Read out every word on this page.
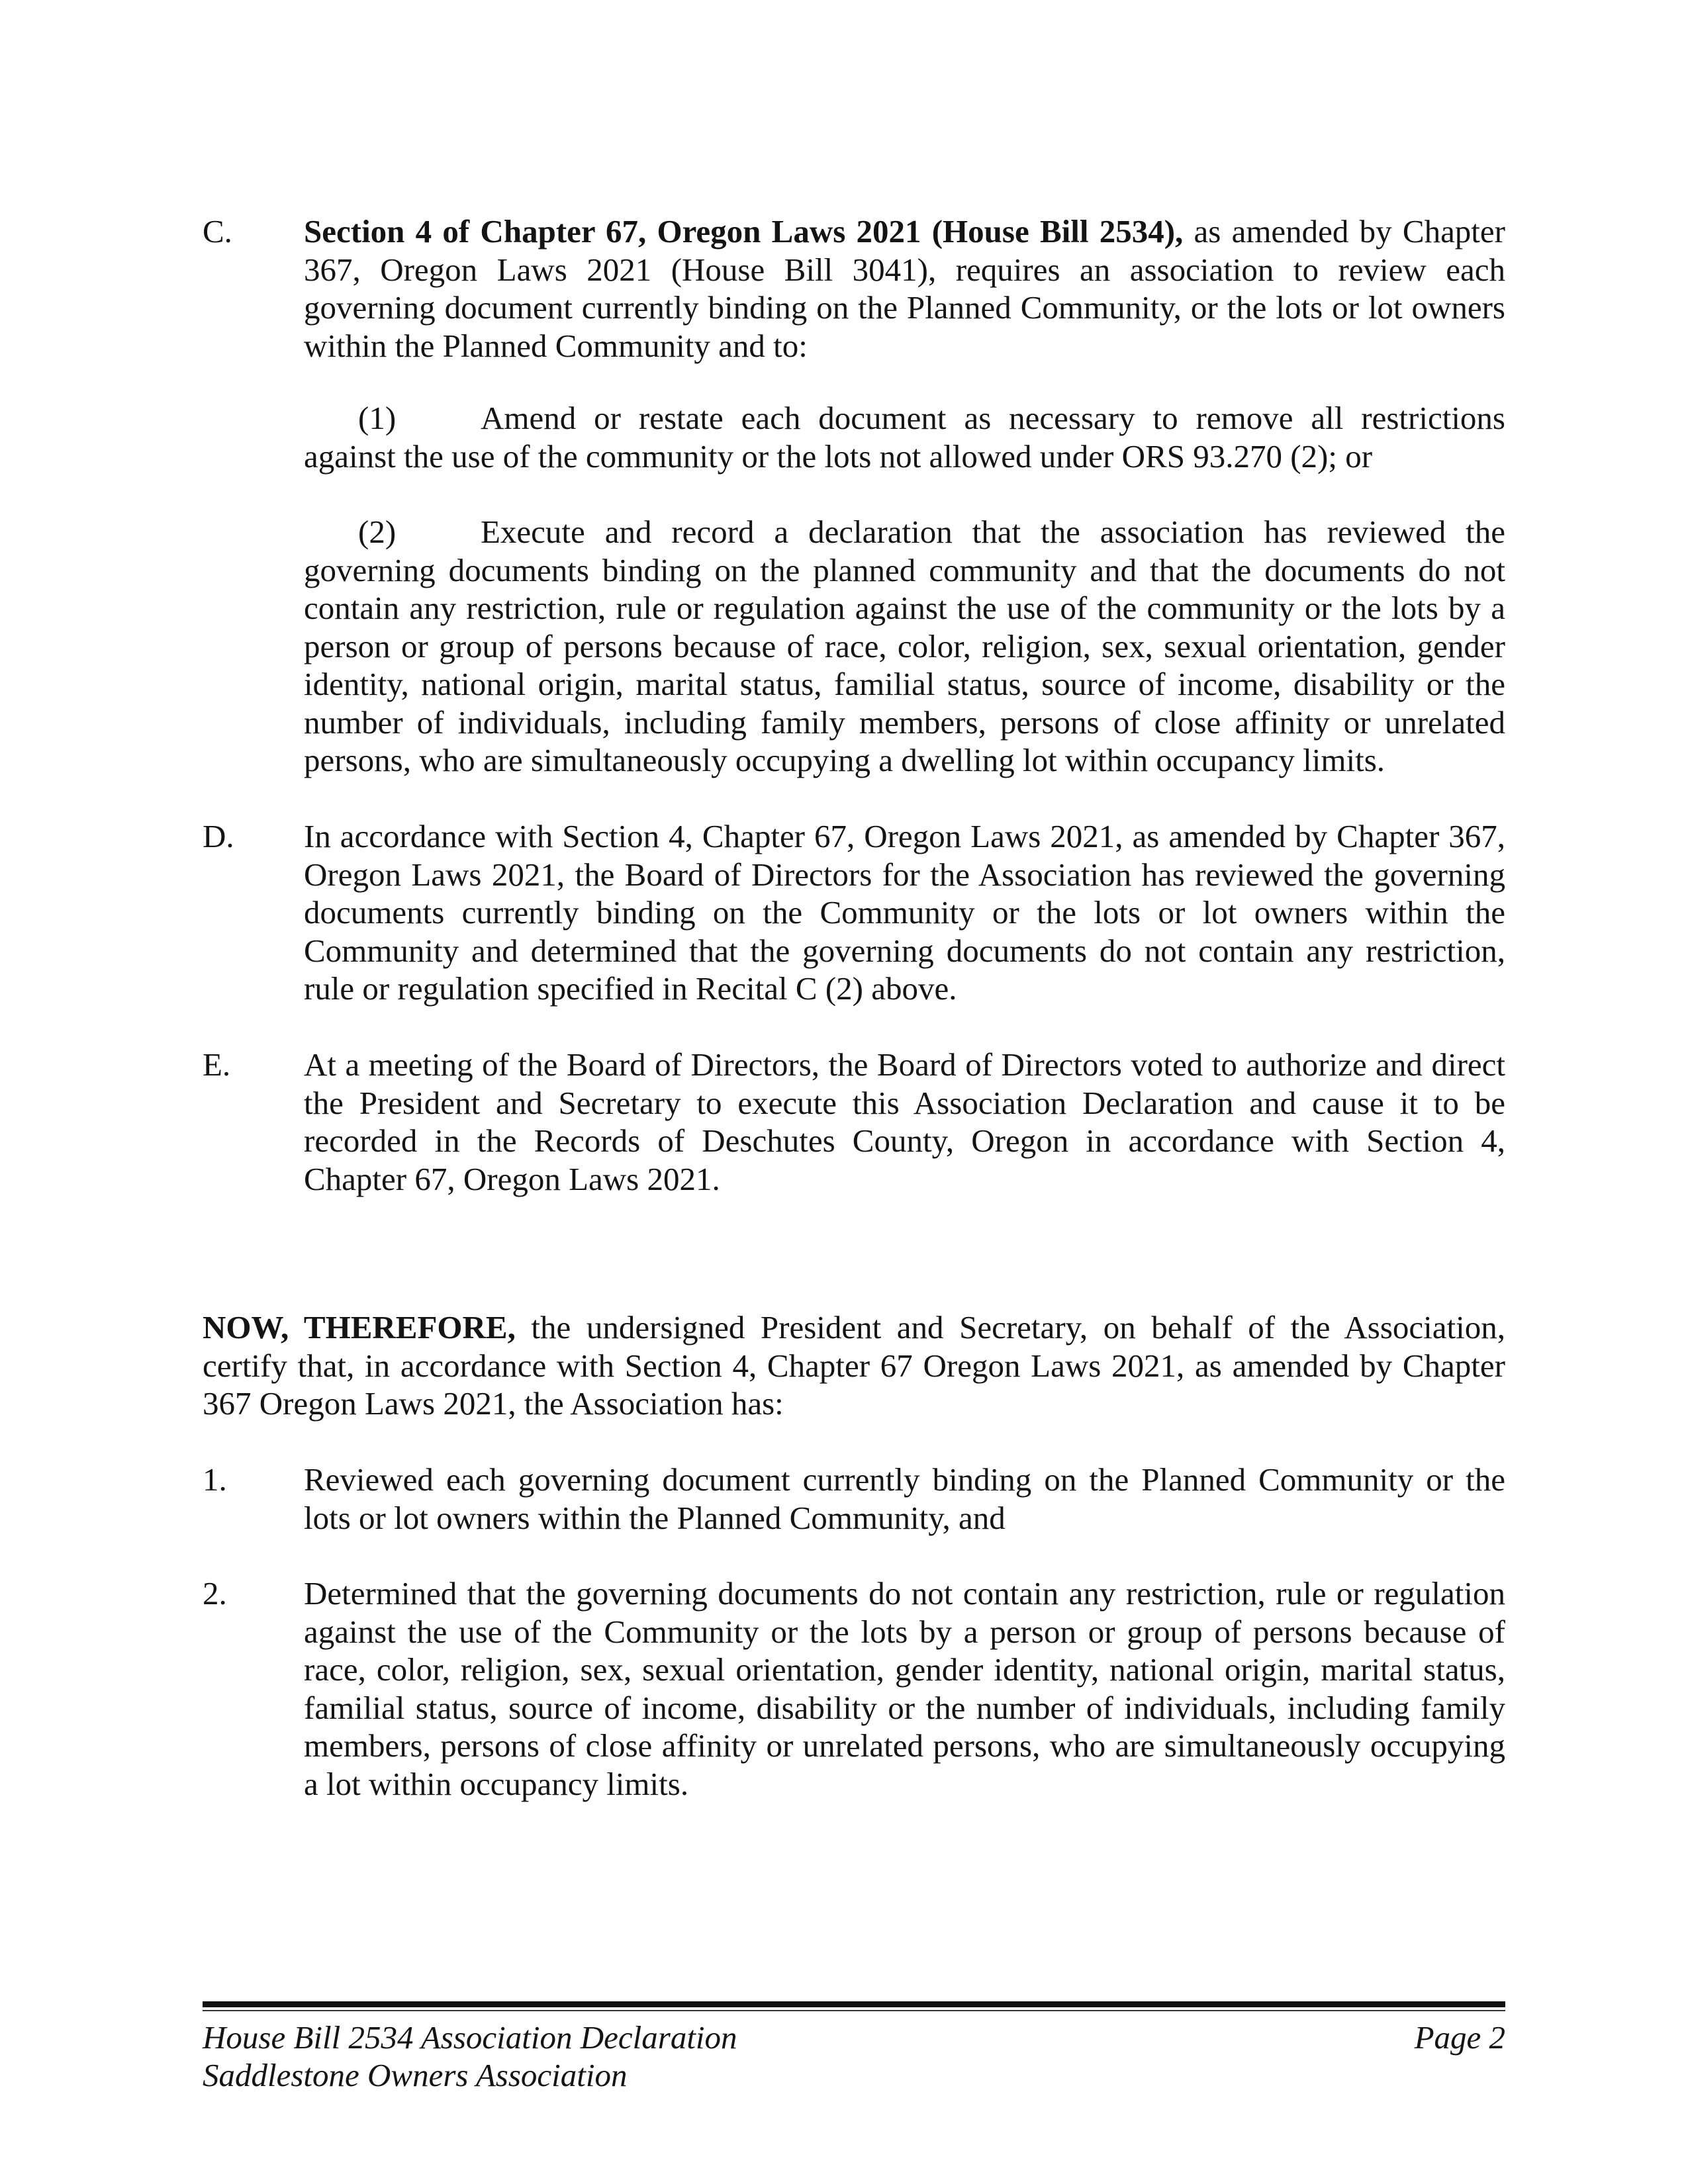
C. Section 4 of Chapter 67, Oregon Laws 2021 (House Bill 2534), as amended by Chapter 367, Oregon Laws 2021 (House Bill 3041), requires an association to review each governing document currently binding on the Planned Community, or the lots or lot owners within the Planned Community and to:
(1)	Amend or restate each document as necessary to remove all restrictions against the use of the community or the lots not allowed under ORS 93.270 (2); or
(2)	Execute and record a declaration that the association has reviewed the governing documents binding on the planned community and that the documents do not contain any restriction, rule or regulation against the use of the community or the lots by a person or group of persons because of race, color, religion, sex, sexual orientation, gender identity, national origin, marital status, familial status, source of income, disability or the number of individuals, including family members, persons of close affinity or unrelated persons, who are simultaneously occupying a dwelling lot within occupancy limits.
D. In accordance with Section 4, Chapter 67, Oregon Laws 2021, as amended by Chapter 367, Oregon Laws 2021, the Board of Directors for the Association has reviewed the governing documents currently binding on the Community or the lots or lot owners within the Community and determined that the governing documents do not contain any restriction, rule or regulation specified in Recital C (2) above.
E. At a meeting of the Board of Directors, the Board of Directors voted to authorize and direct the President and Secretary to execute this Association Declaration and cause it to be recorded in the Records of Deschutes County, Oregon in accordance with Section 4, Chapter 67, Oregon Laws 2021.
NOW, THEREFORE, the undersigned President and Secretary, on behalf of the Association, certify that, in accordance with Section 4, Chapter 67 Oregon Laws 2021, as amended by Chapter 367 Oregon Laws 2021, the Association has:
1. Reviewed each governing document currently binding on the Planned Community or the lots or lot owners within the Planned Community, and
2. Determined that the governing documents do not contain any restriction, rule or regulation against the use of the Community or the lots by a person or group of persons because of race, color, religion, sex, sexual orientation, gender identity, national origin, marital status, familial status, source of income, disability or the number of individuals, including family members, persons of close affinity or unrelated persons, who are simultaneously occupying a lot within occupancy limits.
House Bill 2534 Association Declaration	Page 2
Saddlestone Owners Association
